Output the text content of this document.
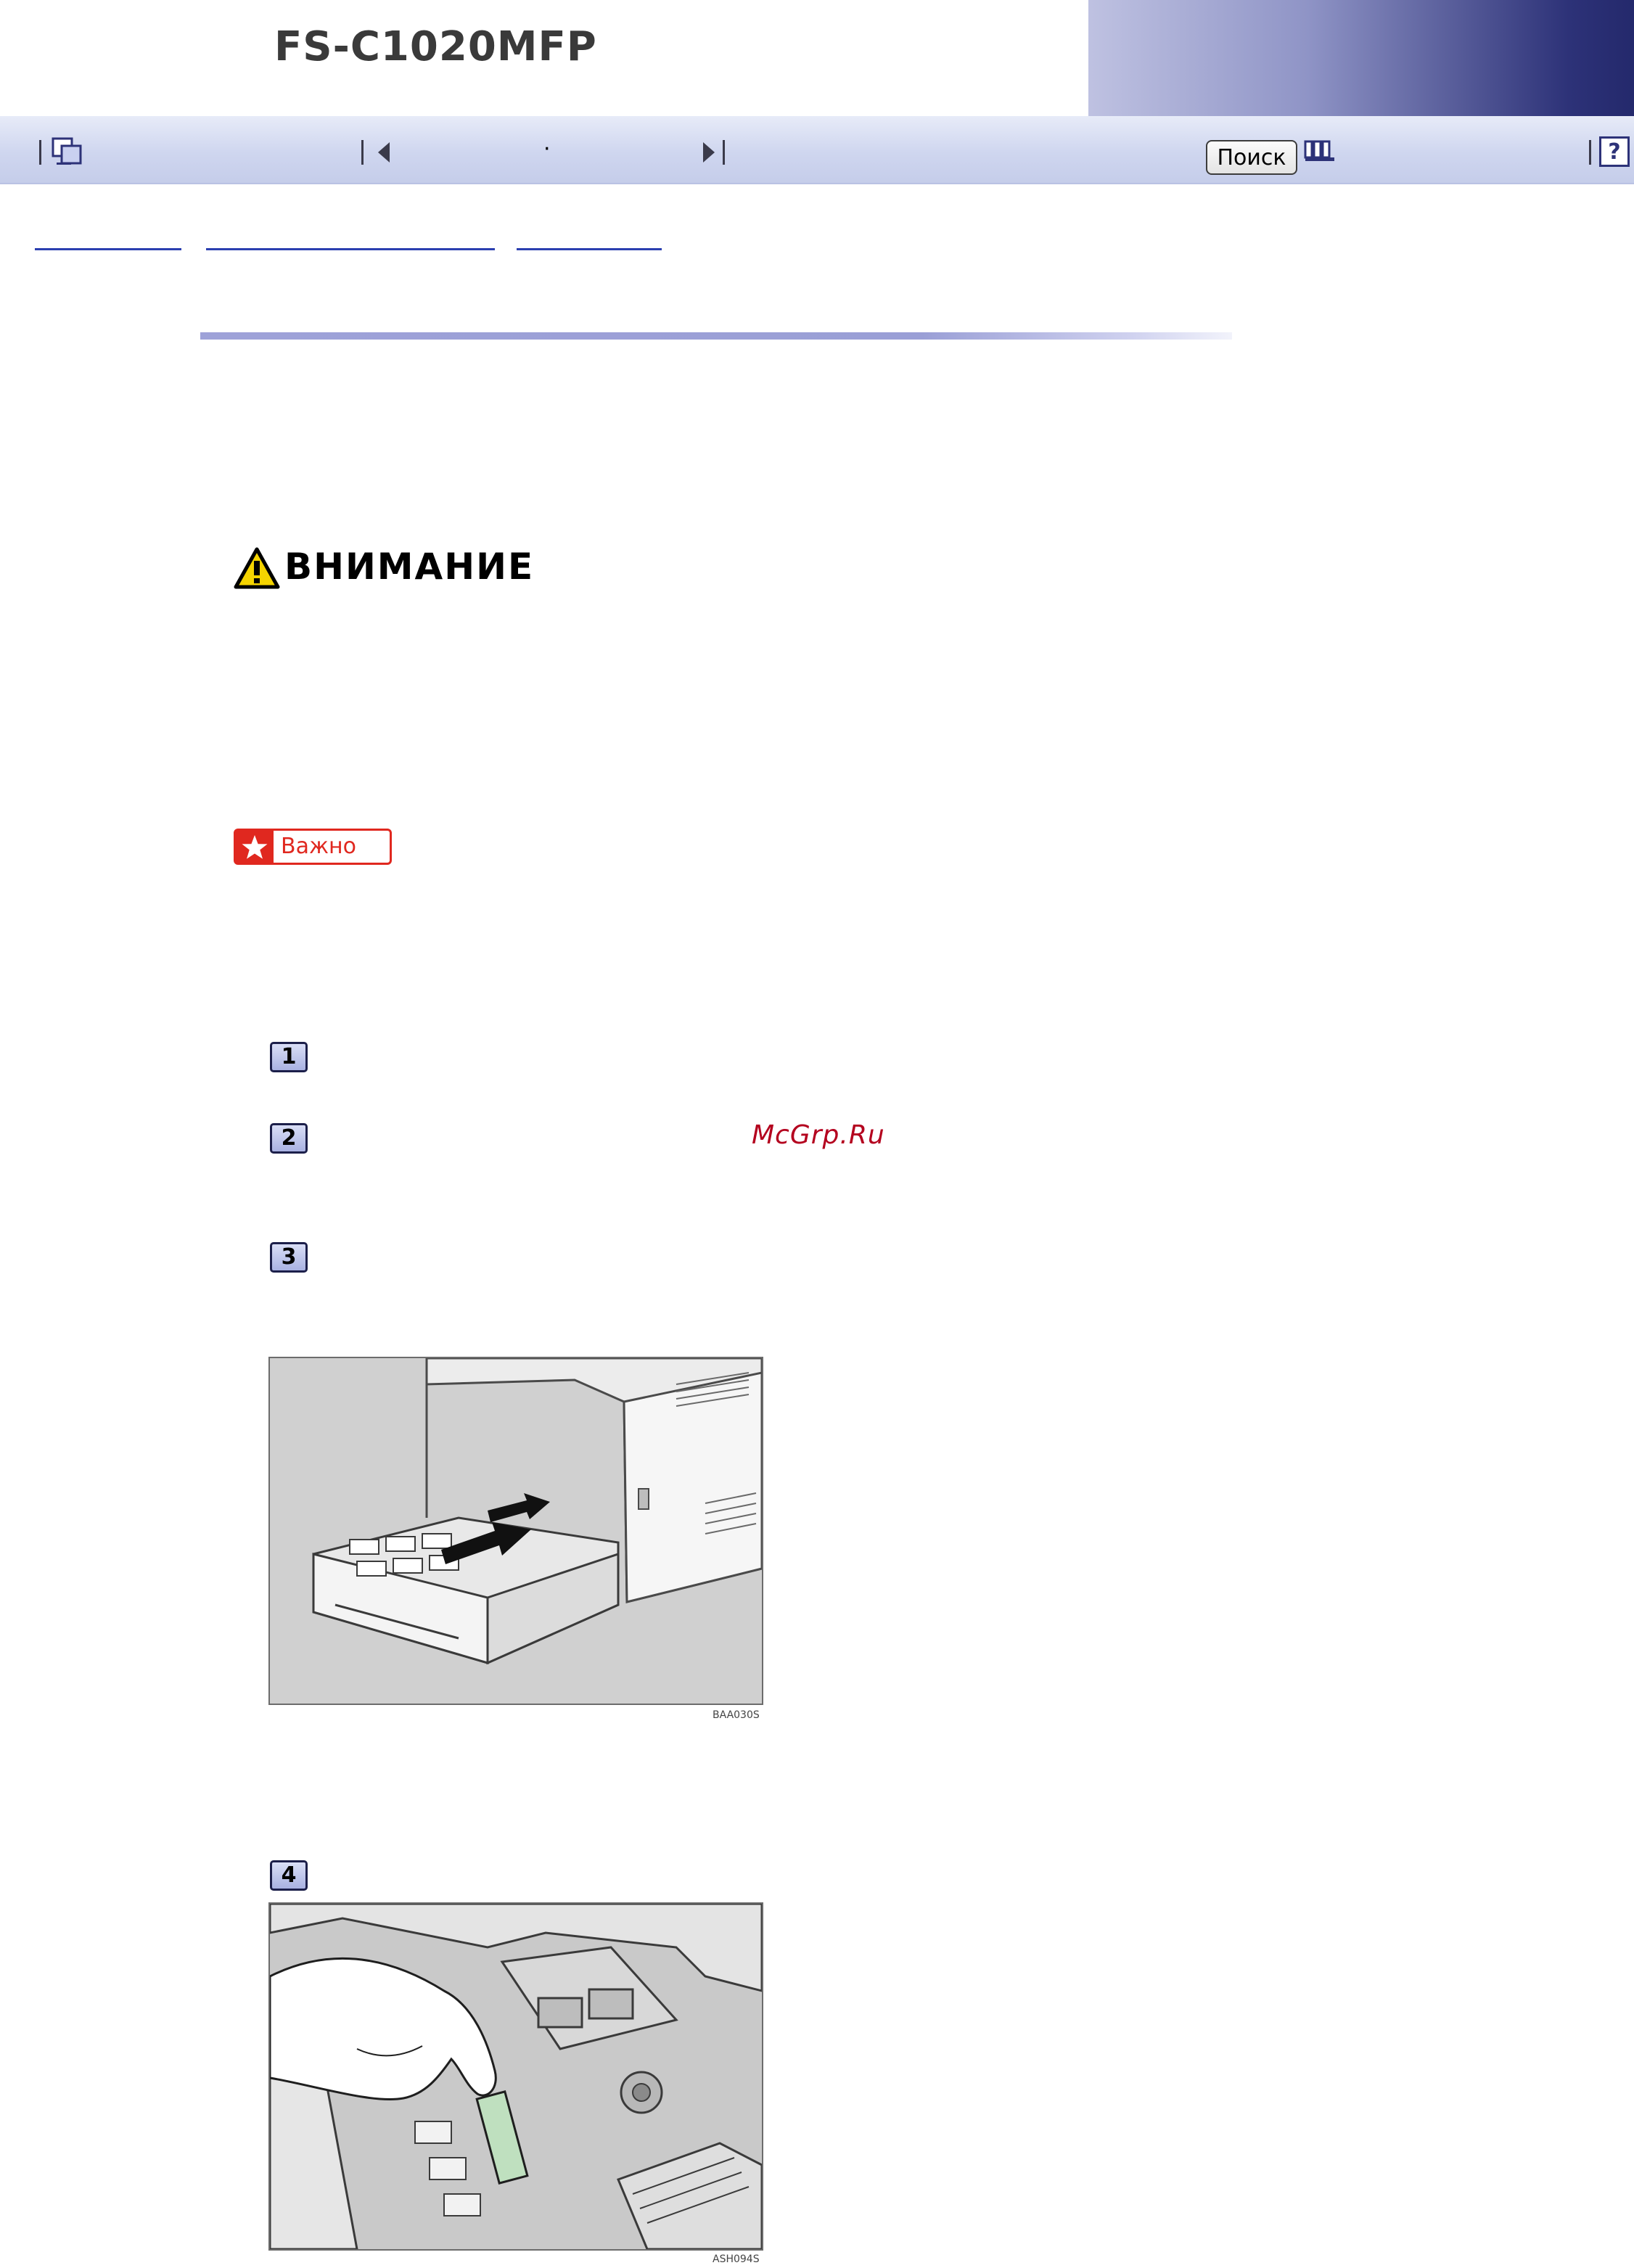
FS-C1020MFP
·	Поиск	?
ВНИМАНИЕ
Важно
1
2
3
4
McGrp.Ru
BAA030S
ASH094S
